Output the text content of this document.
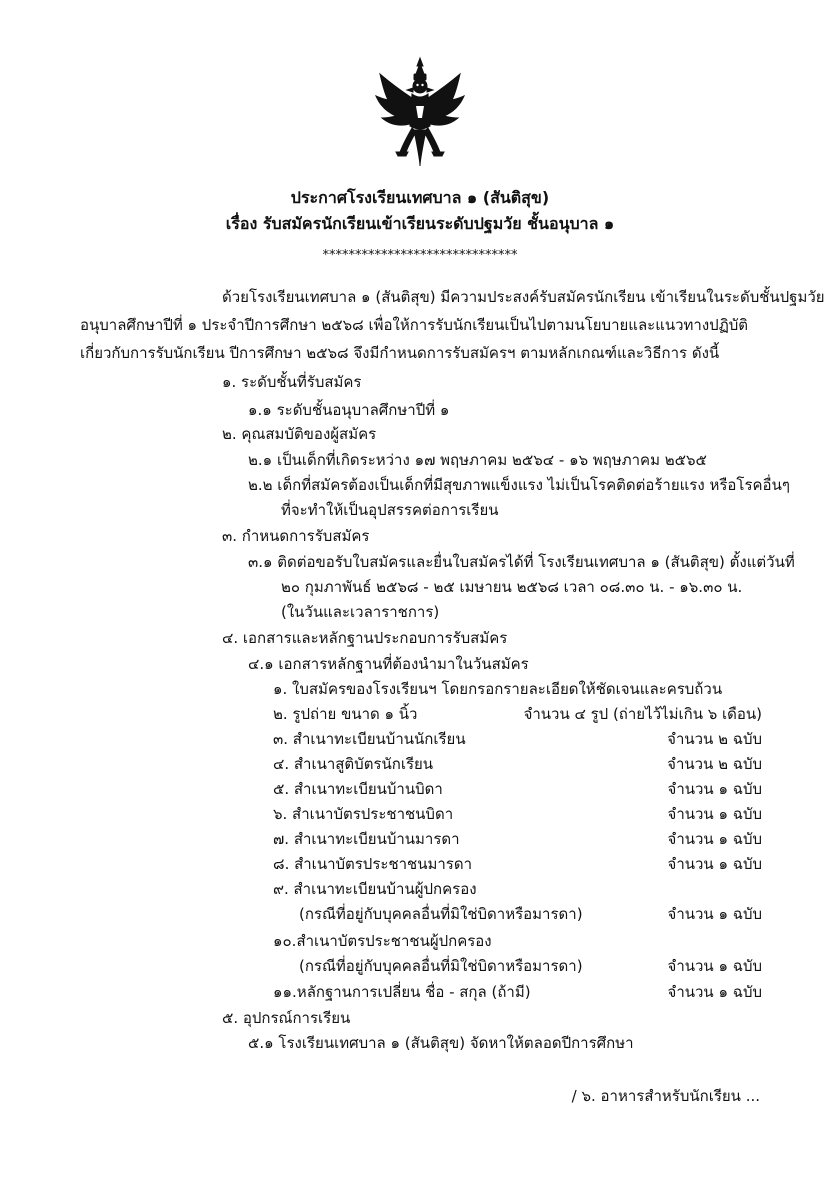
ประกาศโรงเรียนเทศบาล ๑ (สันติสุข)
เรื่อง รับสมัครนักเรียนเข้าเรียนระดับปฐมวัย ชั้นอนุบาล ๑
******************************
ด้วยโรงเรียนเทศบาล ๑ (สันติสุข) มีความประสงค์รับสมัครนักเรียน เข้าเรียนในระดับชั้นปฐมวัย
อนุบาลศึกษาปีที่ ๑ ประจำปีการศึกษา ๒๕๖๘ เพื่อให้การรับนักเรียนเป็นไปตามนโยบายและแนวทางปฏิบัติ
เกี่ยวกับการรับนักเรียน ปีการศึกษา ๒๕๖๘ จึงมีกำหนดการรับสมัครฯ ตามหลักเกณฑ์และวิธีการ ดังนี้
๑. ระดับชั้นที่รับสมัคร
๑.๑ ระดับชั้นอนุบาลศึกษาปีที่ ๑
๒. คุณสมบัติของผู้สมัคร
๒.๑ เป็นเด็กที่เกิดระหว่าง ๑๗ พฤษภาคม ๒๕๖๔ - ๑๖ พฤษภาคม ๒๕๖๕
๒.๒ เด็กที่สมัครต้องเป็นเด็กที่มีสุขภาพแข็งแรง ไม่เป็นโรคติดต่อร้ายแรง หรือโรคอื่นๆ
ที่จะทำให้เป็นอุปสรรคต่อการเรียน
๓. กำหนดการรับสมัคร
๓.๑ ติดต่อขอรับใบสมัครและยื่นใบสมัครได้ที่ โรงเรียนเทศบาล ๑ (สันติสุข) ตั้งแต่วันที่
๒๐ กุมภาพันธ์ ๒๕๖๘ - ๒๕ เมษายน ๒๕๖๘ เวลา ๐๘.๓๐ น. - ๑๖.๓๐ น.
(ในวันและเวลาราชการ)
๔. เอกสารและหลักฐานประกอบการรับสมัคร
๔.๑ เอกสารหลักฐานที่ต้องนำมาในวันสมัคร
๑. ใบสมัครของโรงเรียนฯ โดยกรอกรายละเอียดให้ชัดเจนและครบถ้วน
๒. รูปถ่าย ขนาด ๑ นิ้ว	จำนวน ๔ รูป (ถ่ายไว้ไม่เกิน ๖ เดือน)
๓. สำเนาทะเบียนบ้านนักเรียน	จำนวน ๒ ฉบับ
๔. สำเนาสูติบัตรนักเรียน	จำนวน ๒ ฉบับ
๕. สำเนาทะเบียนบ้านบิดา	จำนวน ๑ ฉบับ
๖. สำเนาบัตรประชาชนบิดา	จำนวน ๑ ฉบับ
๗. สำเนาทะเบียนบ้านมารดา	จำนวน ๑ ฉบับ
๘. สำเนาบัตรประชาชนมารดา	จำนวน ๑ ฉบับ
๙. สำเนาทะเบียนบ้านผู้ปกครอง
(กรณีที่อยู่กับบุคคลอื่นที่มิใช่บิดาหรือมารดา)	จำนวน ๑ ฉบับ
๑๐.สำเนาบัตรประชาชนผู้ปกครอง
(กรณีที่อยู่กับบุคคลอื่นที่มิใช่บิดาหรือมารดา)	จำนวน ๑ ฉบับ
๑๑.หลักฐานการเปลี่ยน ชื่อ - สกุล (ถ้ามี)	จำนวน ๑ ฉบับ
๕. อุปกรณ์การเรียน
๕.๑ โรงเรียนเทศบาล ๑ (สันติสุข) จัดหาให้ตลอดปีการศึกษา
/ ๖. อาหารสำหรับนักเรียน ...
